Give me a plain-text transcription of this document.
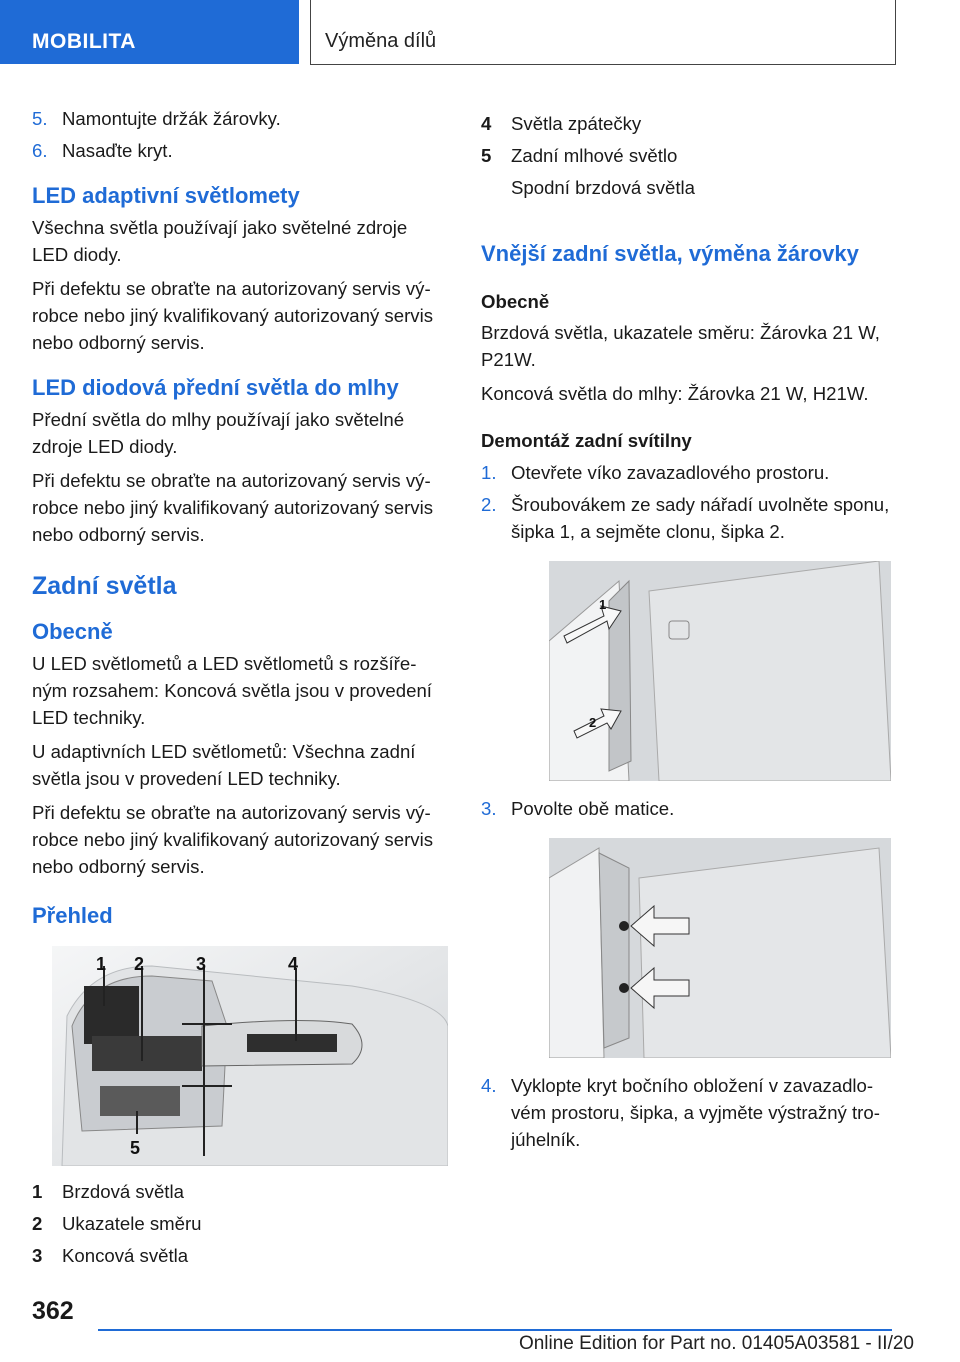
MOBILITA	Výměna dílů
5. Namontujte držák žárovky.
6. Nasaďte kryt.
LED adaptivní světlomety

Všechna světla používají jako světelné zdroje LED diody.

Při defektu se obraťte na autorizovaný servis vý-robce nebo jiný kvalifikovaný autorizovaný servis nebo odborný servis.

LED diodová přední světla do mlhy

Přední světla do mlhy používají jako světelné zdroje LED diody.

Při defektu se obraťte na autorizovaný servis vý-robce nebo jiný kvalifikovaný autorizovaný servis nebo odborný servis.

Zadní světla
Obecně

U LED světlometů a LED světlometů s rozšíře-ným rozsahem: Koncová světla jsou v provedení LED techniky.

U adaptivních LED světlometů: Všechna zadní světla jsou v provedení LED techniky.

Při defektu se obraťte na autorizovaný servis vý-robce nebo jiný kvalifikovaný autorizovaný servis nebo odborný servis.

Přehled
1 2	3	4
5
1 Brzdová světla
2 Ukazatele směru
3 Koncová světla
4 Světla zpátečky
5 Zadní mlhové světlo
Spodní brzdová světla
Vnější zadní světla, výměna žárovky
Obecně

Brzdová světla, ukazatele směru: Žárovka 21 W, P21W.

Koncová světla do mlhy: Žárovka 21 W, H21W.

Demontáž zadní svítilny
1. Otevřete víko zavazadlového prostoru.
2. Šroubovákem ze sady nářadí uvolněte sponu, šipka 1, a sejměte clonu, šipka 2.
1
2
3. Povolte obě matice.
4. Vyklopte kryt bočního obložení v zavazadlo-vém prostoru, šipka, a vyjměte výstražný tro-júhelník.
362
Online Edition for Part no. 01405A03581 - II/20
